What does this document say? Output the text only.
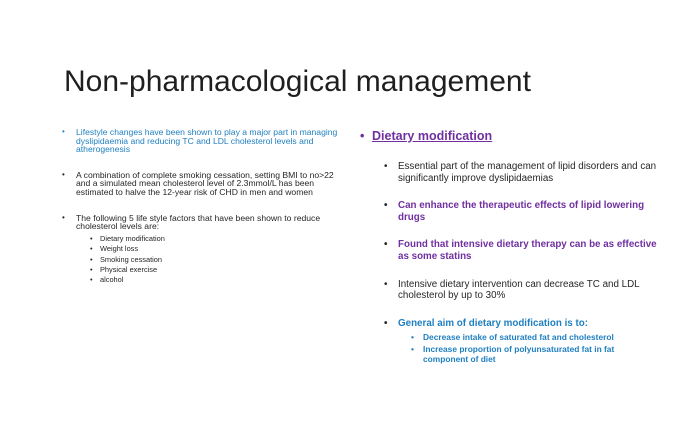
Non-pharmacological management
• Lifestyle changes have been shown to play a major part in managing dyslipidaemia and reducing TC and LDL cholesterol levels and atherogenesis
• A combination of complete smoking cessation, setting BMI to no>22 and a simulated mean cholesterol level of 2.3mmol/L has been estimated to halve the 12-year risk of CHD in men and women
• The following 5 life style factors that have been shown to reduce cholesterol levels are:
• Dietary modification
• Weight loss
• Smoking cessation
• Physical exercise
• alcohol
• Dietary modification
• Essential part of the management of lipid disorders and can significantly improve dyslipidaemias
• Can enhance the therapeutic effects of lipid lowering drugs
• Found that intensive dietary therapy can be as effective as some statins
• Intensive dietary intervention can decrease TC and LDL cholesterol by up to 30%
• General aim of dietary modification is to:
• Decrease intake of saturated fat and cholesterol
• Increase proportion of polyunsaturated fat in fat component of diet
